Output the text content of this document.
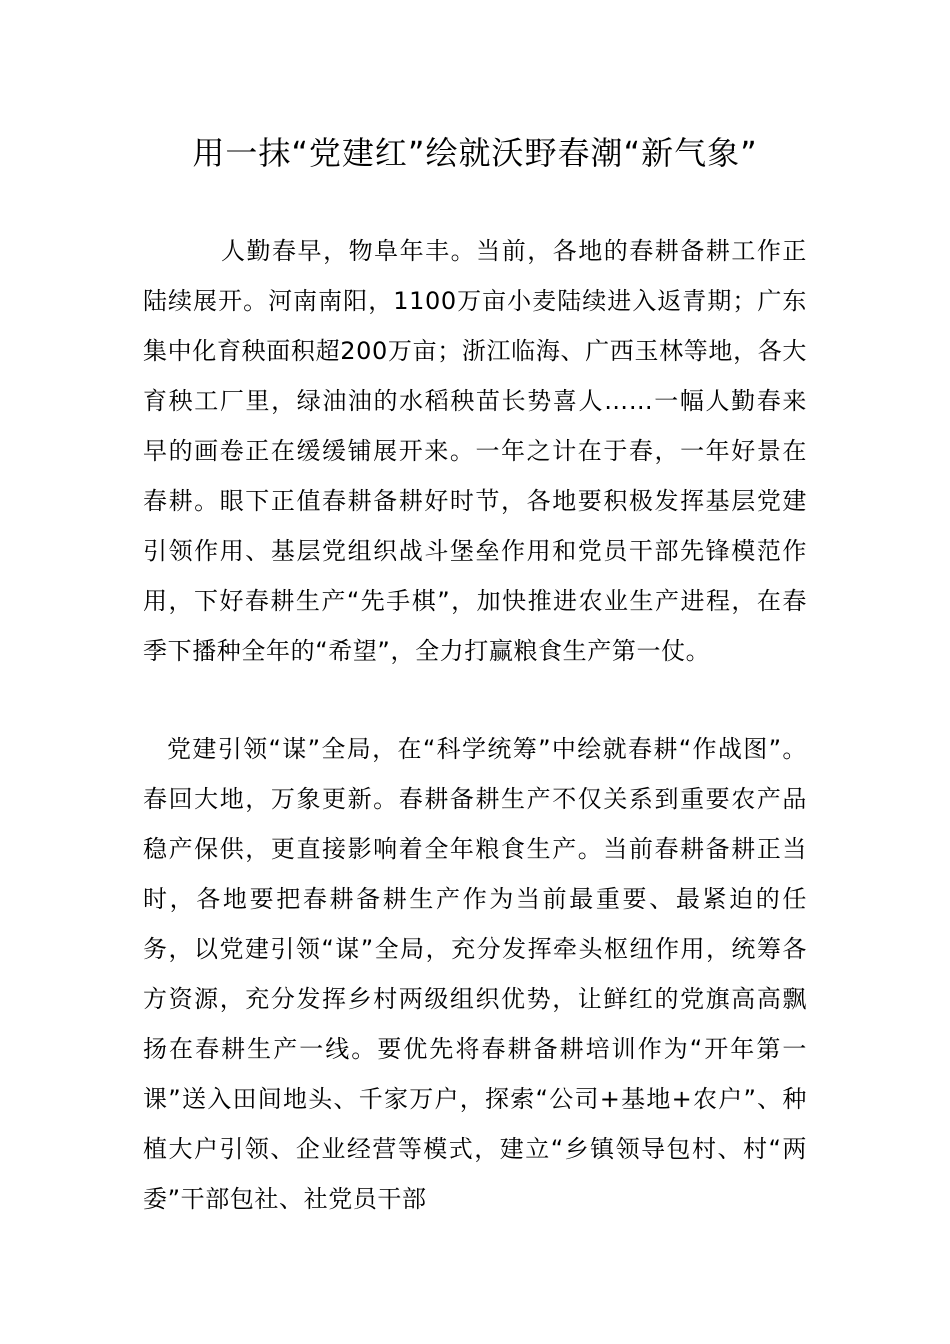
用一抹“党建红”绘就沃野春潮“新气象”

人勤春早，物阜年丰。当前，各地的春耕备耕工作正陆续展开。河南南阳，1100万亩小麦陆续进入返青期；广东集中化育秧面积超200万亩；浙江临海、广西玉林等地，各大育秧工厂里，绿油油的水稻秧苗长势喜人……一幅人勤春来早的画卷正在缓缓铺展开来。一年之计在于春，一年好景在春耕。眼下正值春耕备耕好时节，各地要积极发挥基层党建引领作用、基层党组织战斗堡垒作用和党员干部先锋模范作用，下好春耕生产“先手棋”，加快推进农业生产进程，在春季下播种全年的“希望”，全力打赢粮食生产第一仗。

党建引领“谋”全局，在“科学统筹”中绘就春耕“作战图”。春回大地，万象更新。春耕备耕生产不仅关系到重要农产品稳产保供，更直接影响着全年粮食生产。当前春耕备耕正当时，各地要把春耕备耕生产作为当前最重要、最紧迫的任务，以党建引领“谋”全局，充分发挥牵头枢纽作用，统筹各方资源，充分发挥乡村两级组织优势，让鲜红的党旗高高飘扬在春耕生产一线。要优先将春耕备耕培训作为“开年第一课”送入田间地头、千家万户，探索“公司+基地+农户”、种植大户引领、企业经营等模式，建立“乡镇领导包村、村“两委”干部包社、社党员干部
